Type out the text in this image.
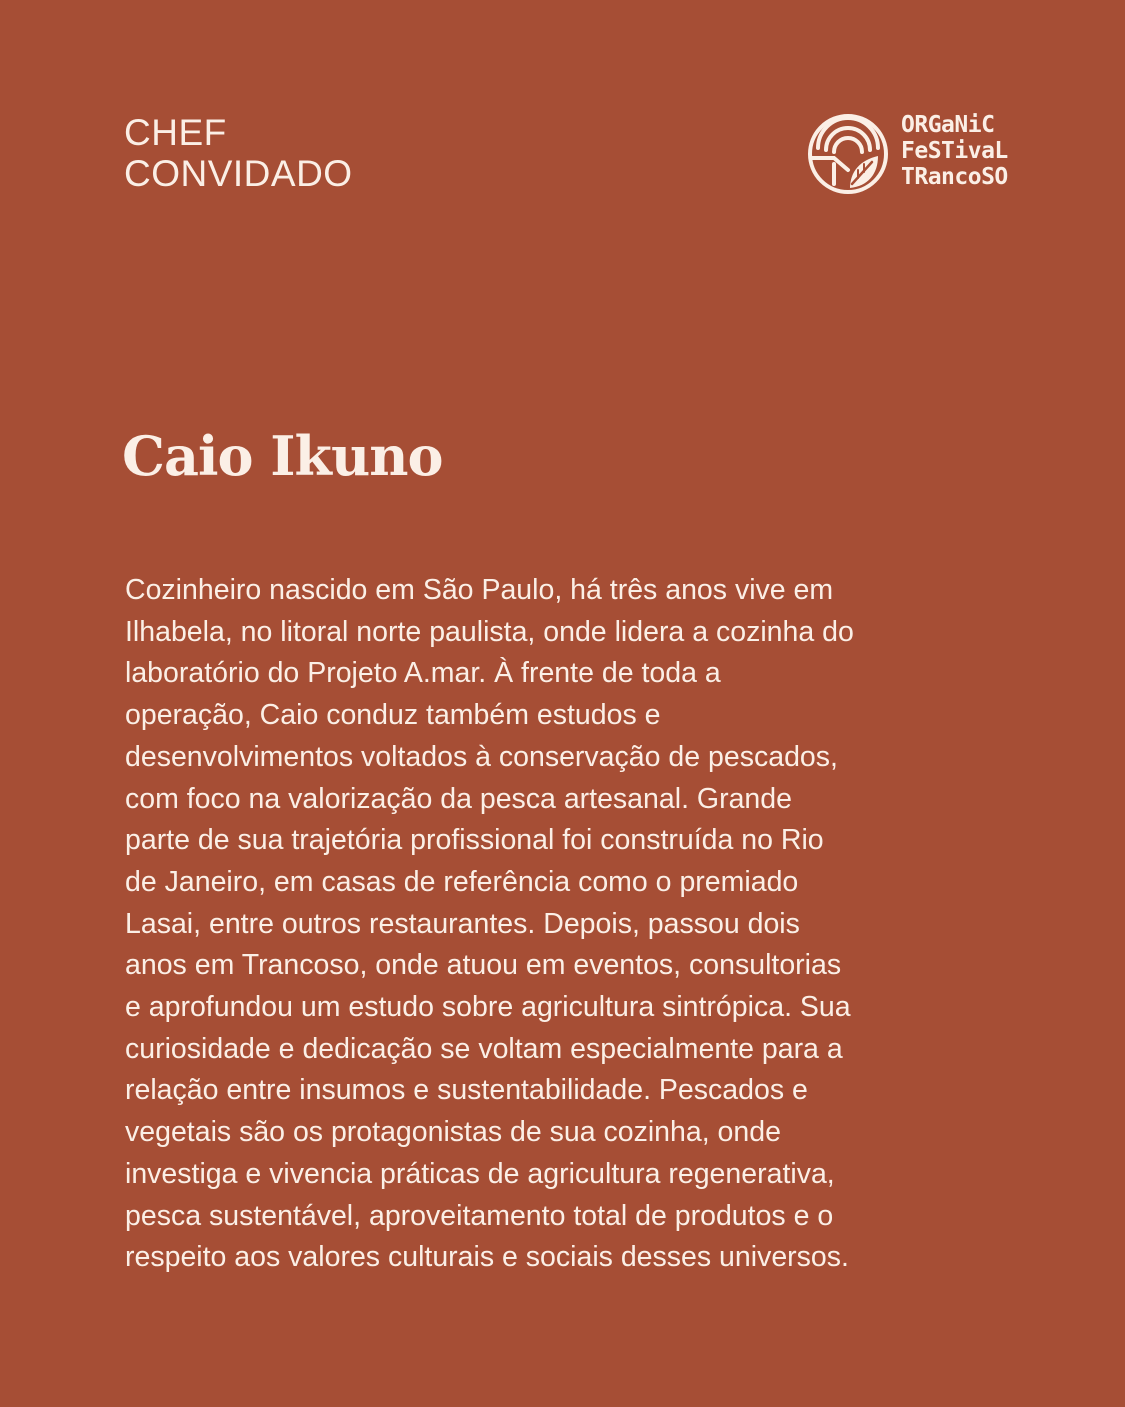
CHEF
CONVIDADO
ORGaNiC
FeSTivaL
TRancoSO
Caio Ikuno
Cozinheiro nascido em São Paulo, há três anos vive em
Ilhabela, no litoral norte paulista, onde lidera a cozinha do
laboratório do Projeto A.mar. À frente de toda a
operação, Caio conduz também estudos e
desenvolvimentos voltados à conservação de pescados,
com foco na valorização da pesca artesanal. Grande
parte de sua trajetória profissional foi construída no Rio
de Janeiro, em casas de referência como o premiado
Lasai, entre outros restaurantes. Depois, passou dois
anos em Trancoso, onde atuou em eventos, consultorias
e aprofundou um estudo sobre agricultura sintrópica. Sua
curiosidade e dedicação se voltam especialmente para a
relação entre insumos e sustentabilidade. Pescados e
vegetais são os protagonistas de sua cozinha, onde
investiga e vivencia práticas de agricultura regenerativa,
pesca sustentável, aproveitamento total de produtos e o
respeito aos valores culturais e sociais desses universos.
